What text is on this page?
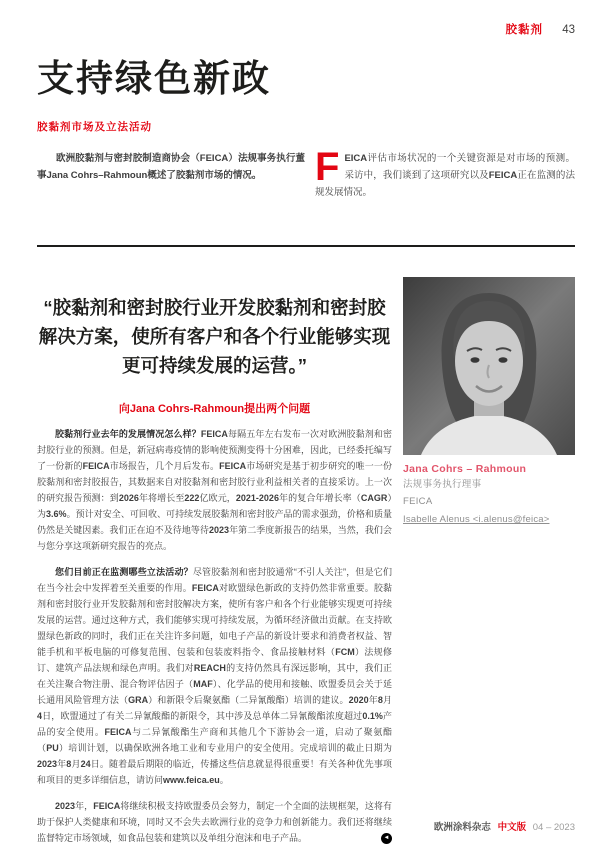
胶黏剂 43
支持绿色新政
胶黏剂市场及立法活动

欧洲胶黏剂与密封胶制造商协会（FEICA）法规事务执行董事Jana Cohrs–Rahmoun概述了胶黏剂市场的情况。	F EICA评估市场状况的一个关键资源是对市场的预测。采访中，我们谈到了这项研究以及FEICA正在监测的法规发展情况。

“胶黏剂和密封胶行业开发胶黏剂和密封胶解决方案，使所有客户和各个行业能够实现更可持续发展的运营。”
向Jana Cohrs-Rahmoun提出两个问题

胶黏剂行业去年的发展情况怎么样？FEICA每隔五年左右发布一次对欧洲胶黏剂和密封胶行业的预测。但是，新冠病毒疫情的影响使预测变得十分困难，因此，已经委托编写了一份新的FEICA市场报告，几个月后发布。FEICA市场研究是基于初步研究的唯一一份胶黏剂和密封胶报告，其数据来自对胶黏剂和密封胶行业利益相关者的直接采访。上一次的研究报告预测：到2026年将增长至222亿欧元，2021-2026年的复合年增长率（CAGR）为3.6%。预计对安全、可回收、可持续发展胶黏剂和密封胶产品的需求强劲，价格和质量仍然是关键因素。我们正在迫不及待地等待2023年第二季度新报告的结果，当然，我们会与您分享这项新研究报告的亮点。

您们目前正在监测哪些立法活动？尽管胶黏剂和密封胶通常“不引人关注”，但是它们在当今社会中发挥着至关重要的作用。FEICA对欧盟绿色新政的支持仍然非常重要。胶黏剂和密封胶行业开发胶黏剂和密封胶解决方案，使所有客户和各个行业能够实现更可持续发展的运营。通过这种方式，我们能够实现可持续发展，为循环经济做出贡献。在支持欧盟绿色新政的同时，我们正在关注许多问题，如电子产品的新设计要求和消费者权益、智能手机和平板电脑的可修复范围、包装和包装废料指令、食品接触材料（FCM）法规修订、建筑产品法规和绿色声明。我们对REACH的支持仍然具有深远影响，其中，我们正在关注聚合物注册、混合物评估因子（MAF）、化学品的使用和接触、欧盟委员会关于延长通用风险管理方法（GRA）和新限令后聚氨酯（二异氰酸酯）培训的建议。2020年8月4日，欧盟通过了有关二异氰酸酯的新限令，其中涉及总单体二异氰酸酯浓度超过0.1%产品的安全使用。FEICA与二异氰酸酯生产商和其他几个下游协会一道，启动了聚氨酯（PU）培训计划，以确保欧洲各地工业和专业用户的安全使用。完成培训的截止日期为2023年8月24日。随着最后期限的临近，传播这些信息就显得很重要！有关各种优先事项和项目的更多详细信息，请访问www.feica.eu。

2023年，FEICA将继续积极支持欧盟委员会努力，制定一个全面的法规框架，这将有助于保护人类健康和环境，同时又不会失去欧洲行业的竞争力和创新能力。我们还将继续监督特定市场领域，如食品包装和建筑以及单组分泡沫和电子产品。	◄

Jana Cohrs – Rahmoun
法规事务执行理事
FEICA
Isabelle Alenus <i.alenus@feica>
欧洲涂料杂志 中文版 04 – 2023
